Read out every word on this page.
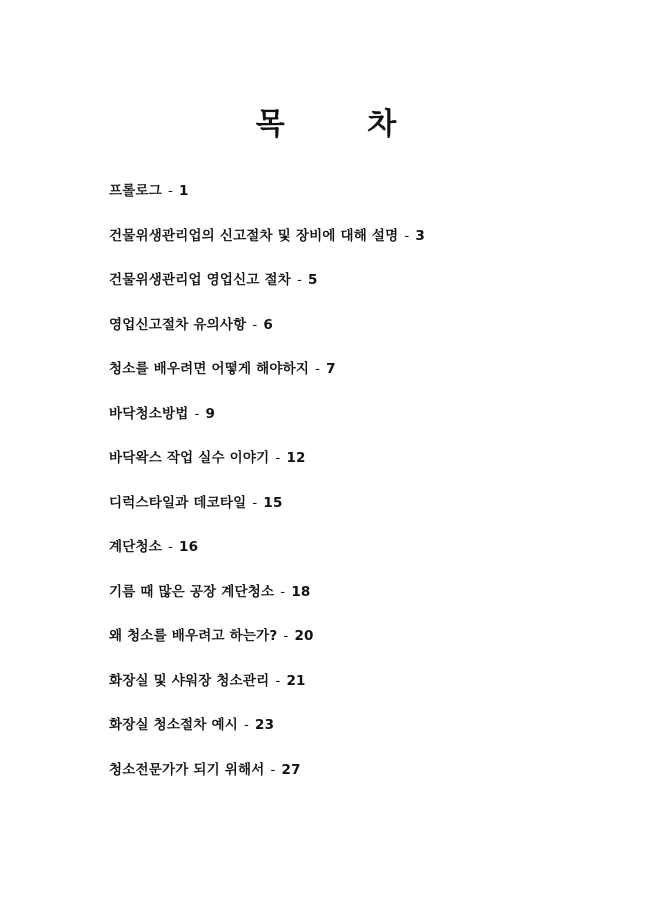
목 차
프롤로그 - 1
건물위생관리업의 신고절차 및 장비에 대해 설명 - 3
건물위생관리업 영업신고 절차 - 5
영업신고절차 유의사항 - 6
청소를 배우려면 어떻게 해야하지 - 7
바닥청소방법 - 9
바닥왁스 작업 실수 이야기 - 12
디럭스타일과 데코타일 - 15
계단청소 - 16
기름 때 많은 공장 계단청소 - 18
왜 청소를 배우려고 하는가? - 20
화장실 및 샤워장 청소관리 - 21
화장실 청소절차 예시 - 23
청소전문가가 되기 위해서 - 27
